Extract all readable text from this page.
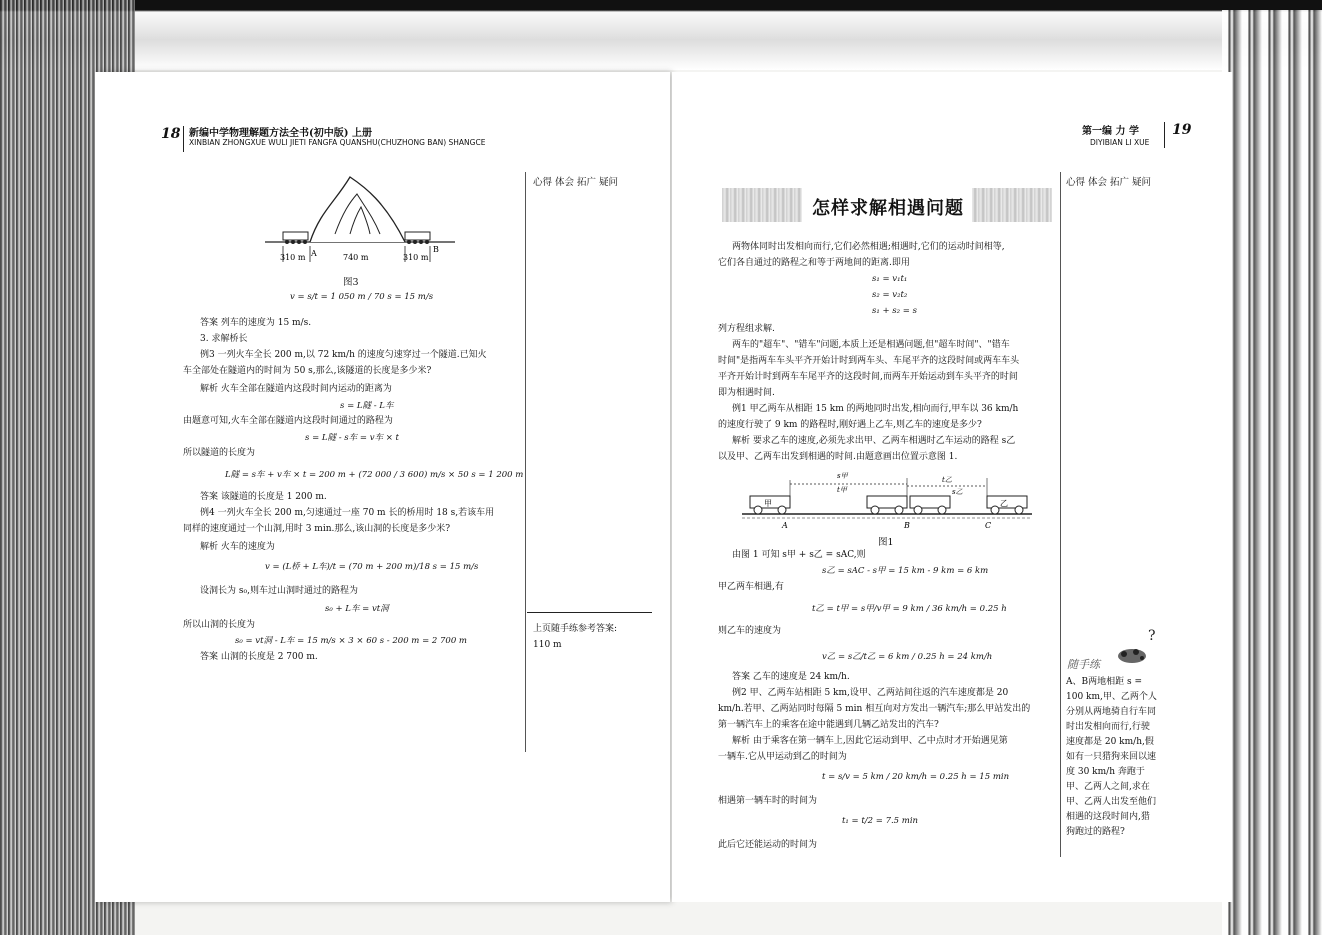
18 新编中学物理解题方法全书(初中版) 上册
XINBIAN ZHONGXUE WULI JIETI FANGFA QUANSHU(CHUZHONG BAN) SHANGCE
心得 体会 拓广 疑问
310 m A	740 m
B
310 m
图3
v = s/t = 1 050 m / 70 s = 15 m/s
答案 列车的速度为 15 m/s.
3. 求解桥长
例3 一列火车全长 200 m,以 72 km/h 的速度匀速穿过一个隧道.已知火
车全部处在隧道内的时间为 50 s,那么,该隧道的长度是多少米?
解析 火车全部在隧道内这段时间内运动的距离为
s = L隧 - L车
由题意可知,火车全部在隧道内这段时间通过的路程为
s = L隧 - s车 = v车 × t
所以隧道的长度为
L隧 = s车 + v车 × t = 200 m + (72 000 / 3 600) m/s × 50 s = 1 200 m
答案 该隧道的长度是 1 200 m.
例4 一列火车全长 200 m,匀速通过一座 70 m 长的桥用时 18 s,若该车用
同样的速度通过一个山洞,用时 3 min.那么,该山洞的长度是多少米?
解析 火车的速度为
v = (L桥 + L车)/t = (70 m + 200 m)/18 s = 15 m/s
设洞长为 s₀,则车过山洞时通过的路程为
s₀ + L车 = vt洞
所以山洞的长度为
s₀ = vt洞 - L车 = 15 m/s × 3 × 60 s - 200 m = 2 700 m
答案 山洞的长度是 2 700 m.
上页随手练参考答案:
110 m
第一编 力 学
DIYIBIAN LI XUE
19
心得 体会 拓广 疑问
怎样求解相遇问题
两物体同时出发相向而行,它们必然相遇;相遇时,它们的运动时间相等,
它们各自通过的路程之和等于两地间的距离.即用
s₁ = v₁t₁
s₂ = v₂t₂
s₁ + s₂ = s
列方程组求解.
两车的"超车"、"错车"问题,本质上还是相遇问题,但"超车时间"、"错车
时间"是指两车车头平齐开始计时到两车头、车尾平齐的这段时间或两车车头
平齐开始计时到两车车尾平齐的这段时间,而两车开始运动到车头平齐的时间
即为相遇时间.
例1 甲乙两车从相距 15 km 的两地同时出发,相向而行,甲车以 36 km/h
的速度行驶了 9 km 的路程时,刚好遇上乙车,则乙车的速度是多少?
解析 要求乙车的速度,必须先求出甲、乙两车相遇时乙车运动的路程 s乙
以及甲、乙两车出发到相遇的时间.由题意画出位置示意图 1.
甲	乙
s甲
t甲
t乙
s乙
A	B	C
图1
由图 1 可知 s甲 + s乙 = sAC,则
s乙 = sAC - s甲 = 15 km - 9 km = 6 km
甲乙两车相遇,有
t乙 = t甲 = s甲/v甲 = 9 km / 36 km/h = 0.25 h
则乙车的速度为
v乙 = s乙/t乙 = 6 km / 0.25 h = 24 km/h
答案 乙车的速度是 24 km/h.
例2 甲、乙两车站相距 5 km,设甲、乙两站间往返的汽车速度都是 20
km/h.若甲、乙两站同时每隔 5 min 相互向对方发出一辆汽车;那么甲站发出的
第一辆汽车上的乘客在途中能遇到几辆乙站发出的汽车?
解析 由于乘客在第一辆车上,因此它运动到甲、乙中点时才开始遇见第
一辆车.它从甲运动到乙的时间为
t = s/v = 5 km / 20 km/h = 0.25 h = 15 min
相遇第一辆车时的时间为
t₁ = t/2 = 7.5 min
此后它还能运动的时间为
随手练
?
A、B两地相距 s = 100 km,甲、乙两个人分别从两地骑自行车同时出发相向而行,行驶速度都是 20 km/h,假如有一只猎狗来回以速度 30 km/h 奔跑于甲、乙两人之间,求在甲、乙两人出发至他们相遇的这段时间内,猎狗跑过的路程?
